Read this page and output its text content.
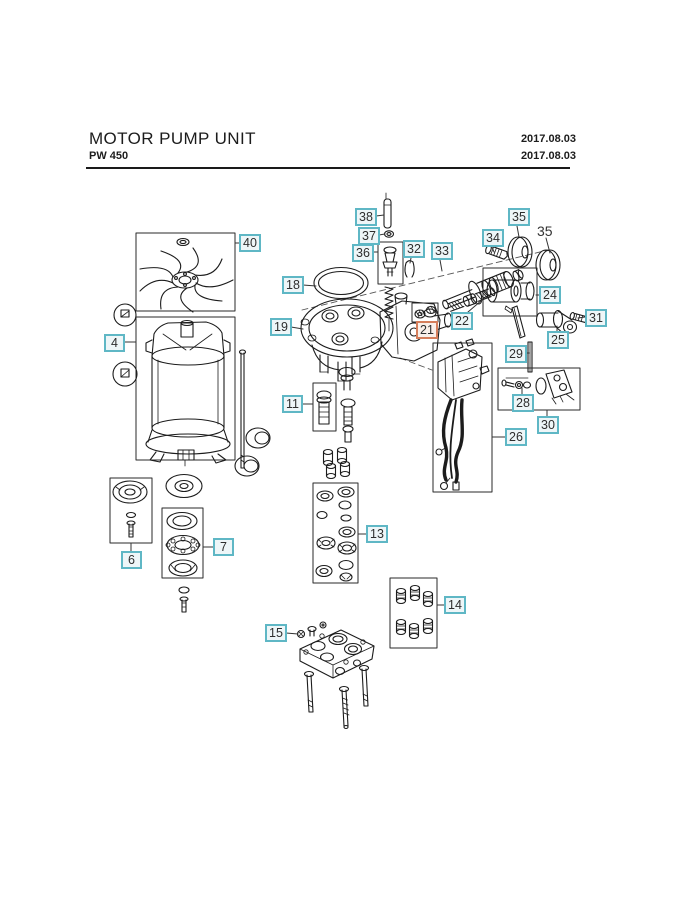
MOTOR PUMP UNIT
PW 450
2017.08.03
2017.08.03
40
4
6
7
11
13
14
15
18
19	21
22
24
25
26
28
29
30
31
32	33
34
35
35
36
37
38
